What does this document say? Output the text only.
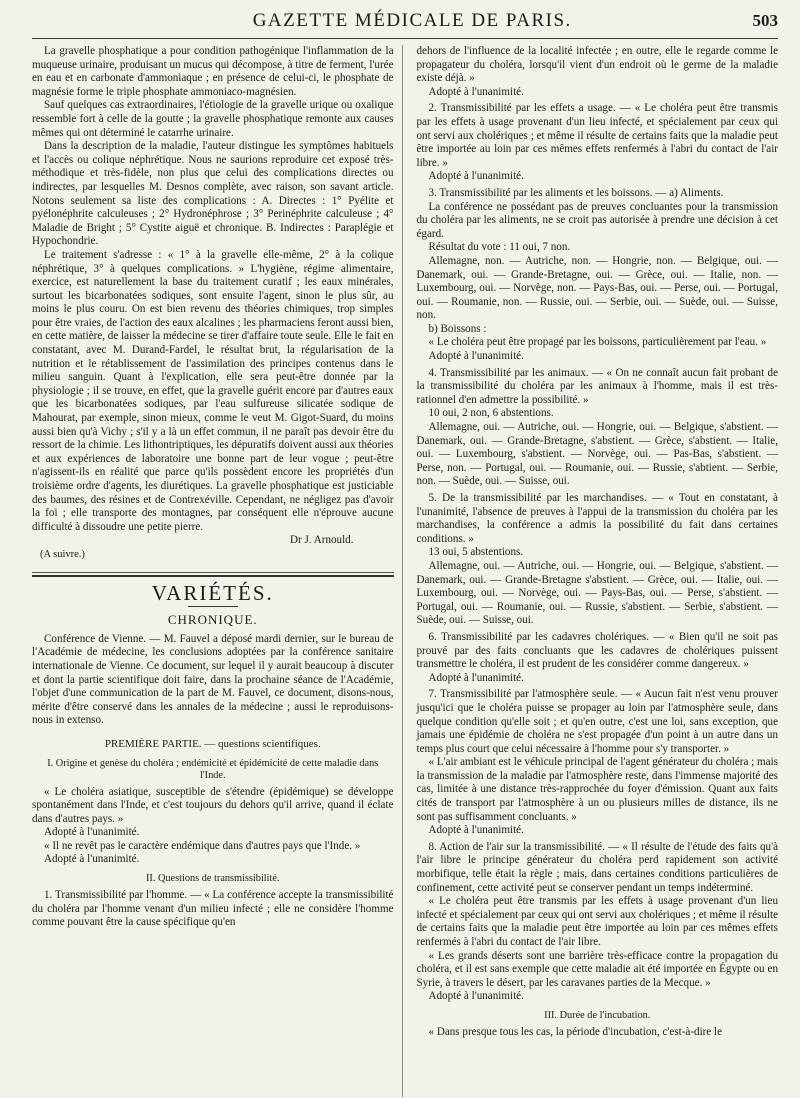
GAZETTE MÉDICALE DE PARIS.	503

La gravelle phosphatique a pour condition pathogénique l'inflammation de la muqueuse urinaire, produisant un mucus qui décompose, à titre de ferment, l'urée en eau et en carbonate d'ammoniaque ; en présence de celui-ci, le phosphate de magnésie forme le triple phosphate ammoniaco-magnésien.

Sauf quelques cas extraordinaires, l'étiologie de la gravelle urique ou oxalique ressemble fort à celle de la goutte ; la gravelle phosphatique remonte aux causes mêmes qui ont déterminé le catarrhe urinaire.

Dans la description de la maladie, l'auteur distingue les symptômes habituels et l'accès ou colique néphrétique. Nous ne saurions reproduire cet exposé très-méthodique et très-fidèle, non plus que celui des complications directes ou indirectes, par lesquelles M. Desnos complète, avec raison, son savant article. Notons seulement sa liste des complications : A. Directes : 1° Pyélite et pyélonéphrite calculeuses ; 2° Hydronéphrose ; 3° Perinéphrite calculeuse ; 4° Maladie de Bright ; 5° Cystite aiguë et chronique. B. Indirectes : Paraplégie et Hypochondrie.

Le traitement s'adresse : « 1° à la gravelle elle-même, 2° à la colique néphrétique, 3° à quelques complications. » L'hygiène, régime alimentaire, exercice, est naturellement la base du traitement curatif ; les eaux minérales, surtout les bicarbonatées sodiques, sont ensuite l'agent, sinon le plus sûr, au moins le plus couru. On est bien revenu des théories chimiques, trop simples pour être vraies, de l'action des eaux alcalines ; les pharmaciens feront aussi bien, en cette matière, de laisser la médecine se tirer d'affaire toute seule. Elle le fait en constatant, avec M. Durand-Fardel, le résultat brut, la régularisation de la nutrition et le rétablissement de l'assimilation des principes contenus dans le milieu sanguin. Quant à l'explication, elle sera peut-être donnée par la physiologie ; il se trouve, en effet, que la gravelle guérit encore par d'autres eaux que les bicarbonatées sodiques, par l'eau sulfureuse silicatée sodique de Mahourat, par exemple, sinon mieux, comme le veut M. Gigot-Suard, du moins aussi bien qu'à Vichy ; s'il y a là un effet commun, il ne paraît pas devoir être du ressort de la chimie. Les lithontriptiques, les dépuratifs doivent aussi aux théories et aux expériences de laboratoire une bonne part de leur vogue ; peut-être n'agissent-ils en réalité que parce qu'ils possèdent encore les propriétés d'un troisième ordre d'agents, les diurétiques. La gravelle phosphatique est justiciable des baumes, des résines et de Contrexéville. Cependant, ne négligez pas d'avoir la foi ; elle transporte des montagnes, par conséquent elle n'éprouve aucune difficulté à dissoudre une petite pierre.

Dr J. Arnould.

(A suivre.)

VARIÉTÉS.
CHRONIQUE.

Conférence de Vienne. — M. Fauvel a déposé mardi dernier, sur le bureau de l'Académie de médecine, les conclusions adoptées par la conférence sanitaire internationale de Vienne. Ce document, sur lequel il y aurait beaucoup à discuter et dont la partie scientifique doit faire, dans la prochaine séance de l'Académie, l'objet d'une communication de la part de M. Fauvel, ce document, disons-nous, mérite d'être conservé dans les annales de la médecine ; aussi le reproduisons-nous in extenso.

PREMIÈRE PARTIE. — questions scientifiques.
I. Origine et genèse du choléra ; endémicité et épidémicité de cette maladie dans l'Inde.

« Le choléra asiatique, susceptible de s'étendre (épidémique) se développe spontanément dans l'Inde, et c'est toujours du dehors qu'il arrive, quand il éclate dans d'autres pays. »

Adopté à l'unanimité.

« Il ne revêt pas le caractère endémique dans d'autres pays que l'Inde. »

Adopté à l'unanimité.

II. Questions de transmissibilité.

1. Transmissibilité par l'homme. — « La conférence accepte la transmissibilité du choléra par l'homme venant d'un milieu infecté ; elle ne considère l'homme comme pouvant être la cause spécifique qu'en

dehors de l'influence de la localité infectée ; en outre, elle le regarde comme le propagateur du choléra, lorsqu'il vient d'un endroit où le germe de la maladie existe déjà. »

Adopté à l'unanimité.

2. Transmissibilité par les effets a usage. — « Le choléra peut être transmis par les effets à usage provenant d'un lieu infecté, et spécialement par ceux qui ont servi aux cholériques ; et même il résulte de certains faits que la maladie peut être importée au loin par ces mêmes effets renfermés à l'abri du contact de l'air libre. »

Adopté à l'unanimité.

3. Transmissibilité par les aliments et les boissons. — a) Aliments.

La conférence ne possédant pas de preuves concluantes pour la transmission du choléra par les aliments, ne se croit pas autorisée à prendre une décision à cet égard.

Résultat du vote : 11 oui, 7 non.

Allemagne, non. — Autriche, non. — Hongrie, non. — Belgique, oui. — Danemark, oui. — Grande-Bretagne, oui. — Grèce, oui. — Italie, non. — Luxembourg, oui. — Norvège, non. — Pays-Bas, oui. — Perse, oui. — Portugal, oui. — Roumanie, non. — Russie, oui. — Serbie, oui. — Suède, oui. — Suisse, non.

b) Boissons :

« Le choléra peut être propagé par les boissons, particulièrement par l'eau. »

Adopté à l'unanimité.

4. Transmissibilité par les animaux. — « On ne connaît aucun fait probant de la transmissibilité du choléra par les animaux à l'homme, mais il est très-rationnel d'en admettre la possibilité. »

10 oui, 2 non, 6 abstentions.

Allemagne, oui. — Autriche, oui. — Hongrie, oui. — Belgique, s'abstient. — Danemark, oui. — Grande-Bretagne, s'abstient. — Grèce, s'abstient. — Italie, oui. — Luxembourg, s'abstient. — Norvège, oui. — Pas-Bas, s'abstient. — Perse, non. — Portugal, oui. — Roumanie, oui. — Russie, s'abtient. — Serbie, non. — Suède, oui. — Suisse, oui.

5. De la transmissibilité par les marchandises. — « Tout en constatant, à l'unanimité, l'absence de preuves à l'appui de la transmission du choléra par les marchandises, la conférence a admis la possibilité du fait dans certaines conditions. »

13 oui, 5 abstentions.

Allemagne, oui. — Autriche, oui. — Hongrie, oui. — Belgique, s'abstient. — Danemark, oui. — Grande-Bretagne s'abstient. — Grèce, oui. — Italie, oui. — Luxembourg, oui. — Norvège, oui. — Pays-Bas, oui. — Perse, s'abstient. — Portugal, oui. — Roumanie, oui. — Russie, s'abstient. — Serbie, s'abstient. — Suède, oui. — Suisse, oui.

6. Transmissibilité par les cadavres cholériques. — « Bien qu'il ne soit pas prouvé par des faits concluants que les cadavres de cholériques puissent transmettre le choléra, il est prudent de les considérer comme dangereux. »

Adopté à l'unanimité.

7. Transmissibilité par l'atmosphère seule. — « Aucun fait n'est venu prouver jusqu'ici que le choléra puisse se propager au loin par l'atmosphère seule, dans quelque condition qu'elle soit ; et qu'en outre, c'est une loi, sans exception, que jamais une épidémie de choléra ne s'est propagée d'un point à un autre dans un temps plus court que celui nécessaire à l'homme pour s'y transporter. »

« L'air ambiant est le véhicule principal de l'agent générateur du choléra ; mais la transmission de la maladie par l'atmosphère reste, dans l'immense majorité des cas, limitée à une distance très-rapprochée du foyer d'émission. Quant aux faits cités de transport par l'atmosphère à un ou plusieurs milles de distance, ils ne sont pas suffisamment concluants. »

Adopté à l'unanimité.

8. Action de l'air sur la transmissibilité. — « Il résulte de l'étude des faits qu'à l'air libre le principe générateur du choléra perd rapidement son activité morbifique, telle était la règle ; mais, dans certaines conditions particulières de confinement, cette activité peut se conserver pendant un temps indéterminé.

« Le choléra peut être transmis par les effets à usage provenant d'un lieu infecté et spécialement par ceux qui ont servi aux cholériques ; et même il résulte de certains faits que la maladie peut être importée au loin par ces mêmes effets renfermés à l'abri du contact de l'air libre.

« Les grands déserts sont une barrière très-efficace contre la propagation du choléra, et il est sans exemple que cette maladie ait été importée en Égypte ou en Syrie, à travers le désert, par les caravanes parties de la Mecque. »

Adopté à l'unanimité.

III. Durée de l'incubation.

« Dans presque tous les cas, la période d'incubation, c'est-à-dire le
